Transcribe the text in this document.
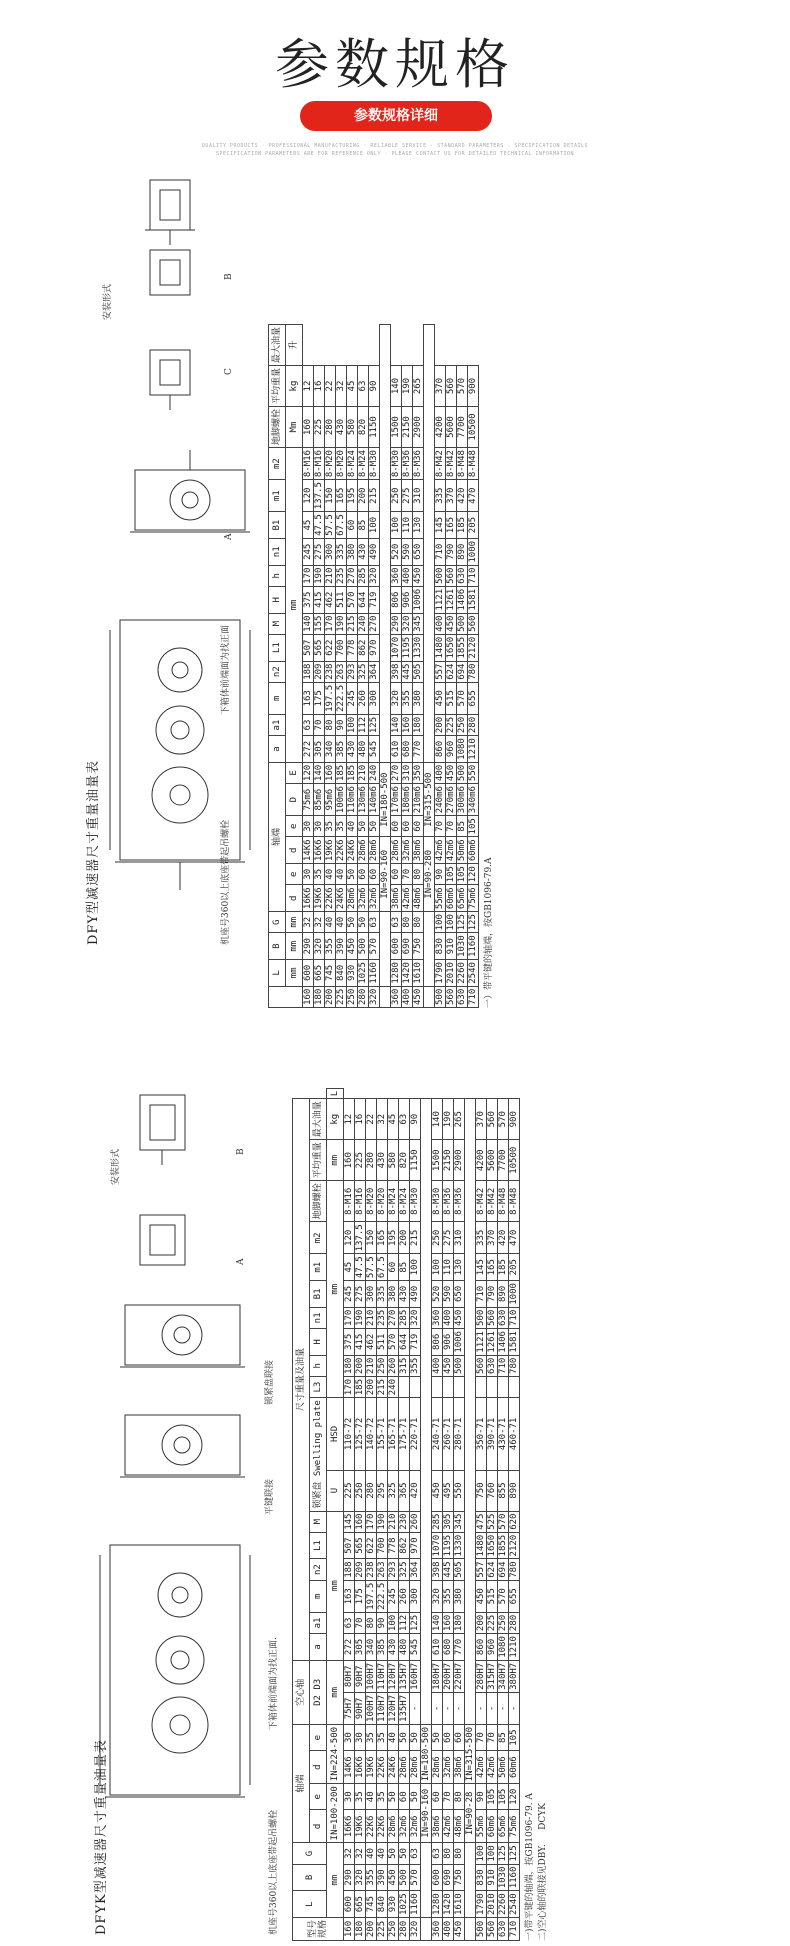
参数规格
参数规格详细
QUALITY PRODUCTS · PROFESSIONAL MANUFACTURING · RELIABLE SERVICE · STANDARD PARAMETERS · SPECIFICATION DETAILS
SPECIFICATION PARAMETERS ARE FOR REFERENCE ONLY · PLEASE CONTACT US FOR DETAILED TECHNICAL INFORMATION
安装形式
C
B
A
DFY型减速器尺寸重量油量表	机座号360以上底座带起吊螺栓
下箱体前端面为找正面
	L	B	G	轴端						a	a1	m	n2	L1	M	H	h	n1	B1	m1	m2	地脚螺栓	平均重量	最大油量
	mm	mm	mm	d	e	d	e	D	E	mm												Mm	kg	升
160	600	290	32	16K6	30	14K6	30	75m6	120	272	63	163	188	507	140	375	170	245	45	120	8-M16	160	12	
180	665	320	32	19K6	35	16K6	30	85m6	140	305	70	175	209	565	155	415	190	275	47.5	137.5	8-M16	225	16	
200	745	355	40	22K6	40	19K6	35	95m6	160	340	80	197.5	238	622	170	462	210	300	57.5	150	8-M20	280	22	
225	840	390	40	24K6	40	22K6	35	100m6	185	385	90	222.5	263	700	190	511	235	335	67.5	165	8-M20	430	32	
250	930	450	50	28m6	50	24K6	40	110m6	185	430	100	245	293	778	215	570	270	380	60	195	8-M24	580	45	
280	1025	500	50	32m6	60	28m6	50	130m6	210	480	112	260	325	862	240	644	285	430	85	200	8-M24	820	63	
320	1160	570	63	32m6	60	28m6	50	140m6	240	545	125	300	364	970	270	719	320	490	100	215	8-M30	1150	90	
				IN=90-160			IN=180-500																	
360	1280	600	63	38m6	60	28m6	60	170m6	270	610	140	320	398	1070	290	806	360	520	100	250	8-M30	1500	140	
400	1420	690	80	42m6	70	32m6	60	180m6	310	680	160	355	445	1195	320	906	400	590	110	275	8-M36	2150	190	
450	1610	750	80	48m6	80	38m6	60	210m6	350	770	180	380	505	1330	345	1006	450	650	130	310	8-M36	2900	265	
				IN=90-280			IN=315-500																	
500	1790	830	100	55m6	90	42m6	70	240m6	400	860	200	450	557	1480	400	1121	500	710	145	335	8-M42	4200	370	
560	2010	910	100	60m6	105	42m6	70	270m6	450	960	225	515	624	1650	450	1261	560	790	165	370	8-M42	5600	560	
630	2260	1030	125	65m6	105	50m6	85	300m6	500	1080	250	570	694	1855	500	1406	630	890	185	420	8-M48	7700	570	
710	2540	1160	125	75m6	120	60m6	105	340m6	550	1210	280	655	780	2120	560	1581	710	1000	205	470	8-M48	10500	900	
一）带平键的轴端，按GB1096-79.A
安装形式	B
A
锁紧盘联接
平键联接
DFYK型减速器尺寸重量油量表	机座号360以上底座带起吊螺栓
下箱体前端面为找正面.
型号
规格	L	B	G	轴端				空心轴		尺寸重量及油量																		
				d	e	d	e	D2 D3		a	a1	m	n2	L1	M	锁紧盘 Swelling plate		L3	h	H	n1	B1	m1	m2	地脚螺栓	平均重量	最大油量	
	mm			IN=100-200		IN=224-500		mm		mm						U	HSD	mm								mm	kg	L
160	600	290	32	16K6	30	14K6	30	75H7	80H7	272	63	163	188	507	145	225	110-72	170	180	375	170	245	45	120	8-M16	160	12	
180	665	320	32	19K6	35	16K6	30	90H7	90H7	305	70	175	209	565	160	250	125-72	185	200	415	190	275	47.5	137.5	8-M16	225	16	
200	745	355	40	22K6	40	19K6	35	100H7	100H7	340	80	197.5	238	622	170	280	140-72	200	210	462	210	300	57.5	150	8-M20	280	22	
225	840	390	40	22K6	35	22K6	35	110H7	110H7	385	90	222.5	263	700	190	295	155-71	215	250	511	235	335	67.5	165	8-M20	430	32	
250	930	450	50	28m6	50	24K6	40	120H7	120H7	430	100	245	293	778	210	325	165-71	240	260	570	270	380	60	195	8-M24	580	45	
280	1025	500	50	32m6	60	28m6	50	135H7	135H7	480	112	260	325	862	230	365	175-71		315	644	285	430	85	200	8-M24	820	63	
320	1160	570	63	32m6	50	28m6	50	-	160H7	545	125	300	364	970	260	420	220-71		355	719	320	490	100	215	8-M30	1150	90	
				IN=90-160		IN=180-500																						
360	1280	600	63	38m6	60	28m6	50	-	180H7	610	140	320	398	1070	285	450	240-71		400	806	360	520	100	250	8-M30	1500	140	
400	1420	690	80	42m6	70	32m6	60	-	200H7	680	160	355	445	1195	305	495	260-71		450	906	400	590	110	275	8-M36	2150	190	
450	1610	750	80	48m6	80	38m6	60	-	220H7	770	180	380	505	1330	345	550	280-71		500	1006	450	650	130	310	8-M36	2900	265	
				IN=90-28		IN=315-500																						
500	1790	830	100	55m6	90	42m6	70	-	280H7	860	200	450	557	1480	475	750	350-71		560	1121	500	710	145	335	8-M42	4200	370	
560	2010	910	100	60m6	105	42m6	70	-	315H7	960	225	515	624	1650	525	760	390-71		630	1261	560	790	165	370	8-M42	5600	560	
630	2260	1030	125	65m6	105	50m6	85	-	340H7	1080	250	570	694	1855	570	855	430-71		710	1406	630	890	185	420	8-M48	7700	570	
710	2540	1160	125	75m6	120	60m6	105	-	380H7	1210	280	655	780	2120	620	890	460-71		780	1581	710	1000	205	470	8-M48	10500	900	
一)带平键的轴端，按GB1096-79. A 二)空心轴的联接见DBY.     DCYK
